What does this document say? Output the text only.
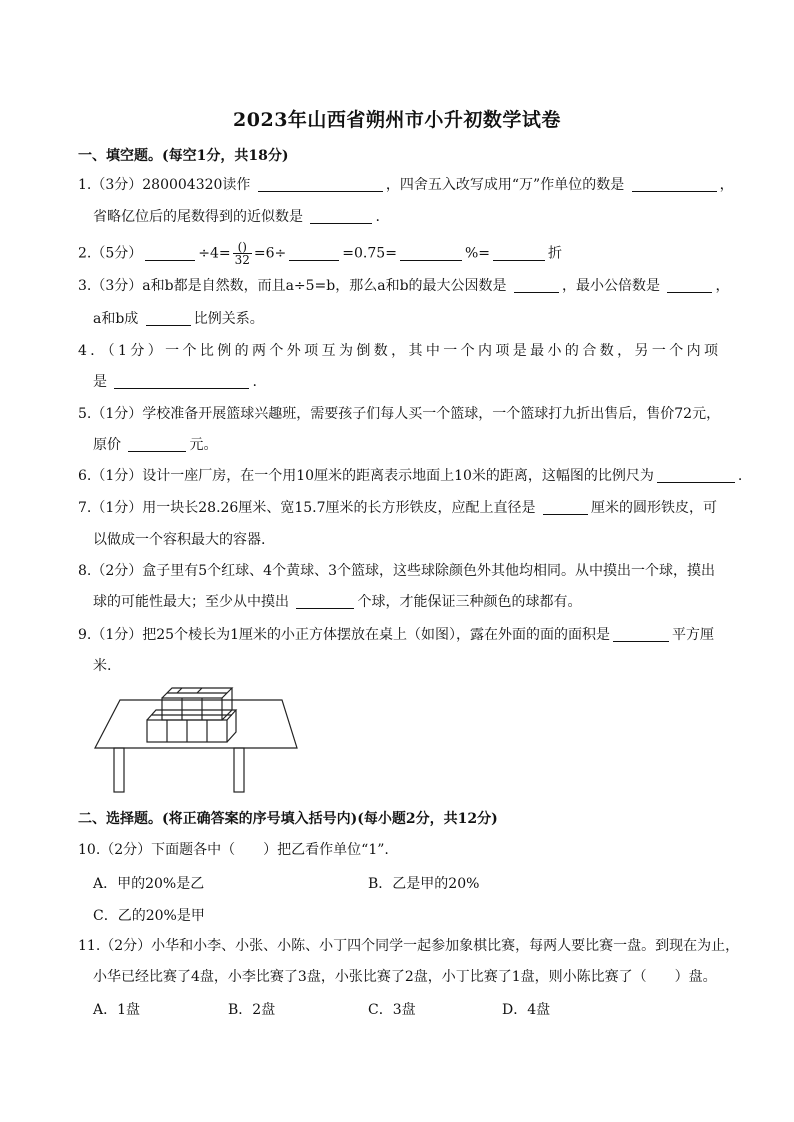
2023年山西省朔州市小升初数学试卷
一、填空题。(每空1分，共18分)
1.（3分）280004320读作	，四舍五入改写成用“万”作单位的数是	，
省略亿位后的尾数得到的近似数是	.
2.（5分）	$\div 4= \frac{()}{32} =6\div$	=0.75=	%=	折
3.（3分）a和b都是自然数，而且a÷5=b，那么a和b的最大公因数是	，最小公倍数是	，
a和b成	比例关系。
4．（1分）一个比例的两个外项互为倒数，其中一个内项是最小的合数，另一个内项
是	.
5.（1分）学校准备开展篮球兴趣班，需要孩子们每人买一个篮球，一个篮球打九折出售后，售价72元，
原价	元。
6.（1分）设计一座厂房，在一个用10厘米的距离表示地面上10米的距离，这幅图的比例尺为	.
7.（1分）用一块长28.26厘米、宽15.7厘米的长方形铁皮，应配上直径是	厘米的圆形铁皮，可
以做成一个容积最大的容器.
8.（2分）盒子里有5个红球、4个黄球、3个篮球，这些球除颜色外其他均相同。从中摸出一个球，摸出
球的可能性最大；至少从中摸出	个球，才能保证三种颜色的球都有。
9.（1分）把25个棱长为1厘米的小正方体摆放在桌上（如图），露在外面的面的面积是	平方厘
米.
二、选择题。(将正确答案的序号填入括号内)(每小题2分，共12分)
10.（2分）下面题各中（　　）把乙看作单位“1”.
A．甲的20%是乙	B．乙是甲的20%
C．乙的20%是甲
11.（2分）小华和小李、小张、小陈、小丁四个同学一起参加象棋比赛，每两人要比赛一盘。到现在为止，
小华已经比赛了4盘，小李比赛了3盘，小张比赛了2盘，小丁比赛了1盘，则小陈比赛了（　　）盘。
A．1盘	B．2盘	C．3盘	D．4盘
